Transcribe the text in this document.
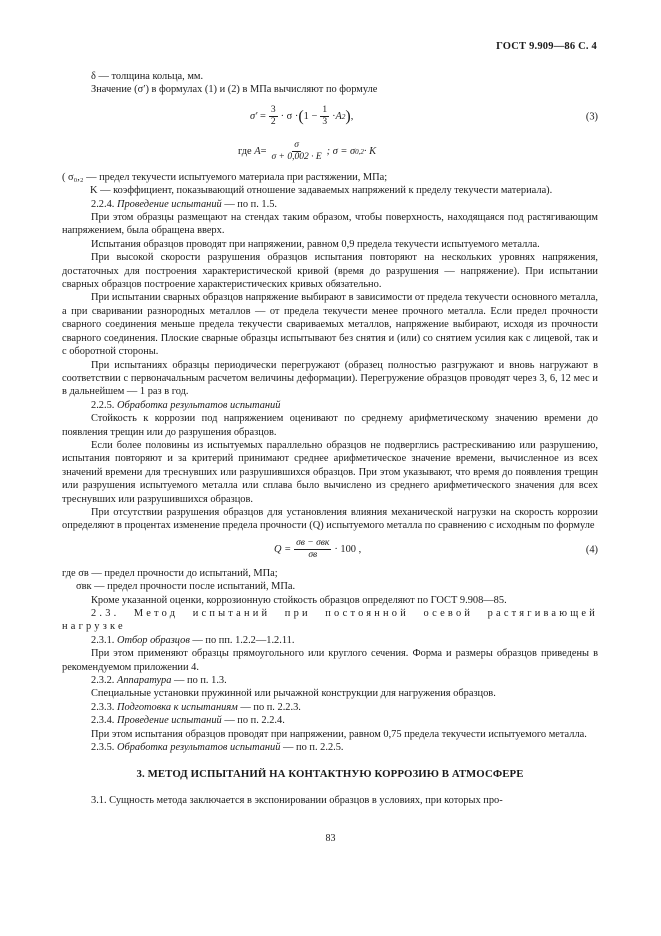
ГОСТ 9.909—86 С. 4

δ — толщина кольца, мм.

Значение (σ′) в формулах (1) и (2) в МПа вычисляют по формуле

$\sigma' = \frac{3}{2} \cdot \sigma$ · ( $1 - \frac{1}{3} \cdot A$ 2 ) ,	(3)
где
$A = \frac{\sigma}{\sigma + 0,002 \cdot E}$ ; σ = σ 0,2 · K

( σ₀,₂ — предел текучести испытуемого материала при растяжении, МПа;

K — коэффициент, показывающий отношение задаваемых напряжений к пределу текучести материала).

2.2.4. Проведение испытаний — по п. 1.5.

При этом образцы размещают на стендах таким образом, чтобы поверхность, находящаяся под растягивающим напряжением, была обращена вверх.

Испытания образцов проводят при напряжении, равном 0,9 предела текучести испытуемого металла.

При высокой скорости разрушения образцов испытания повторяют на нескольких уровнях напряжения, достаточных для построения характеристической кривой (время до разрушения — напряжение). При испытании сварных образцов построение характеристических кривых обязательно.

При испытании сварных образцов напряжение выбирают в зависимости от предела текучести основного металла, а при сваривании разнородных металлов — от предела текучести менее прочного металла. Если предел прочности сварного соединения меньше предела текучести свариваемых металлов, напряжение выбирают, исходя из прочности сварного соединения. Плоские сварные образцы испытывают без снятия и (или) со снятием усилия как с лицевой, так и с оборотной стороны.

При испытаниях образцы периодически перегружают (образец полностью разгружают и вновь нагружают в соответствии с первоначальным расчетом величины деформации). Перегружение образцов проводят через 3, 6, 12 мес и в дальнейшем — 1 раз в год.

2.2.5. Обработка результатов испытаний

Стойкость к коррозии под напряжением оценивают по среднему арифметическому значению времени до появления трещин или до разрушения образцов.

Если более половины из испытуемых параллельно образцов не подверглись растрескиванию или разрушению, испытания повторяют и за критерий принимают среднее арифметическое значение времени, вычисленное из всех значений времени для треснувших или разрушившихся образцов. При этом указывают, что время до появления трещин или разрушения испытуемого металла или сплава было вычислено из среднего арифметического значения для всех треснувших или разрушившихся образцов.

При отсутствии разрушения образцов для установления влияния механической нагрузки на скорость коррозии определяют в процентах изменение предела прочности (Q) испытуемого металла по сравнению с исходным по формуле

$Q = \frac{\text{σв − σвк}}{\sigma в} \cdot 100$ ,	(4)

где σв — предел прочности до испытаний, МПа;

σвк — предел прочности после испытаний, МПа.

Кроме указанной оценки, коррозионную стойкость образцов определяют по ГОСТ 9.908—85.

2.3. Метод испытаний при постоянной осевой растягивающей нагрузке

2.3.1. Отбор образцов — по пп. 1.2.2—1.2.11.

При этом применяют образцы прямоугольного или круглого сечения. Форма и размеры образцов приведены в рекомендуемом приложении 4.

2.3.2. Аппаратура — по п. 1.3.

Специальные установки пружинной или рычажной конструкции для нагружения образцов.

2.3.3. Подготовка к испытаниям — по п. 2.2.3.

2.3.4. Проведение испытаний — по п. 2.2.4.

При этом испытания образцов проводят при напряжении, равном 0,75 предела текучести испытуемого металла.

2.3.5. Обработка результатов испытаний — по п. 2.2.5.

3. МЕТОД ИСПЫТАНИЙ НА КОНТАКТНУЮ КОРРОЗИЮ В АТМОСФЕРЕ

3.1. Сущность метода заключается в экспонировании образцов в условиях, при которых про-

83
